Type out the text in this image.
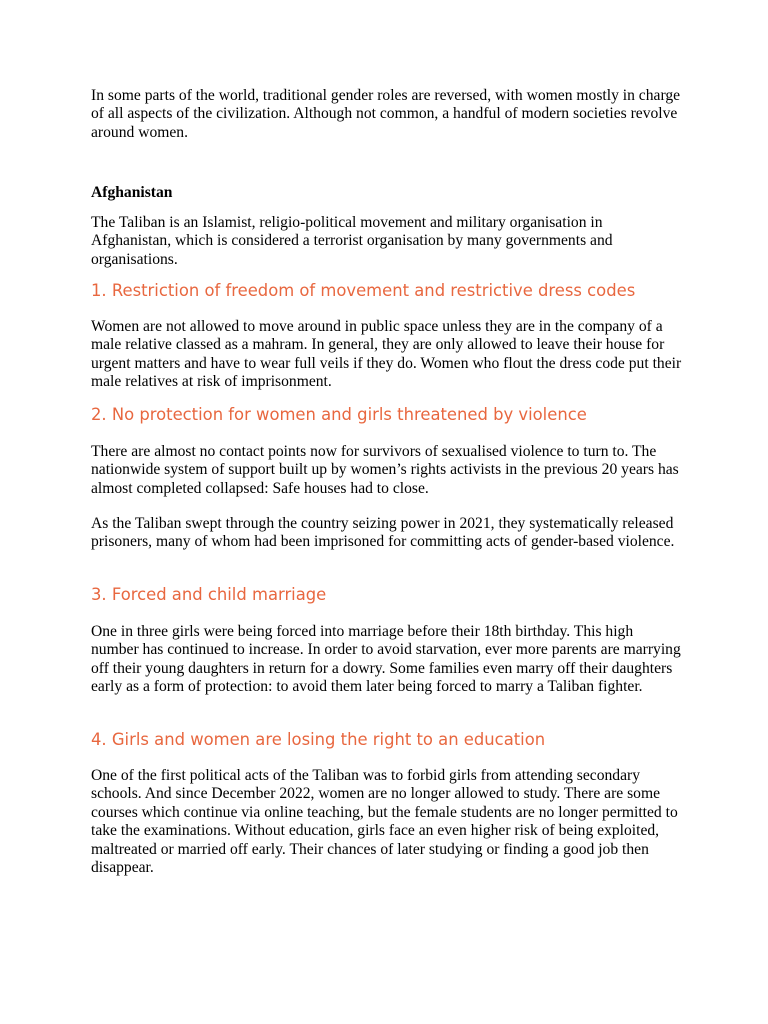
In some parts of the world, traditional gender roles are reversed, with women mostly in charge of all aspects of the civilization. Although not common, a handful of modern societies revolve around women.

Afghanistan

The Taliban is an Islamist, religio-political movement and military organisation in Afghanistan, which is considered a terrorist organisation by many governments and organisations.

1. Restriction of freedom of movement and restrictive dress codes

Women are not allowed to move around in public space unless they are in the company of a male relative classed as a mahram. In general, they are only allowed to leave their house for urgent matters and have to wear full veils if they do. Women who flout the dress code put their male relatives at risk of imprisonment.

2. No protection for women and girls threatened by violence

There are almost no contact points now for survivors of sexualised violence to turn to. The nationwide system of support built up by women’s rights activists in the previous 20 years has almost completed collapsed: Safe houses had to close.

As the Taliban swept through the country seizing power in 2021, they systematically released prisoners, many of whom had been imprisoned for committing acts of gender-based violence.

3. Forced and child marriage

One in three girls were being forced into marriage before their 18th birthday. This high number has continued to increase. In order to avoid starvation, ever more parents are marrying off their young daughters in return for a dowry. Some families even marry off their daughters early as a form of protection: to avoid them later being forced to marry a Taliban fighter.

4. Girls and women are losing the right to an education

One of the first political acts of the Taliban was to forbid girls from attending secondary schools. And since December 2022, women are no longer allowed to study. There are some courses which continue via online teaching, but the female students are no longer permitted to take the examinations. Without education, girls face an even higher risk of being exploited, maltreated or married off early. Their chances of later studying or finding a good job then disappear.
